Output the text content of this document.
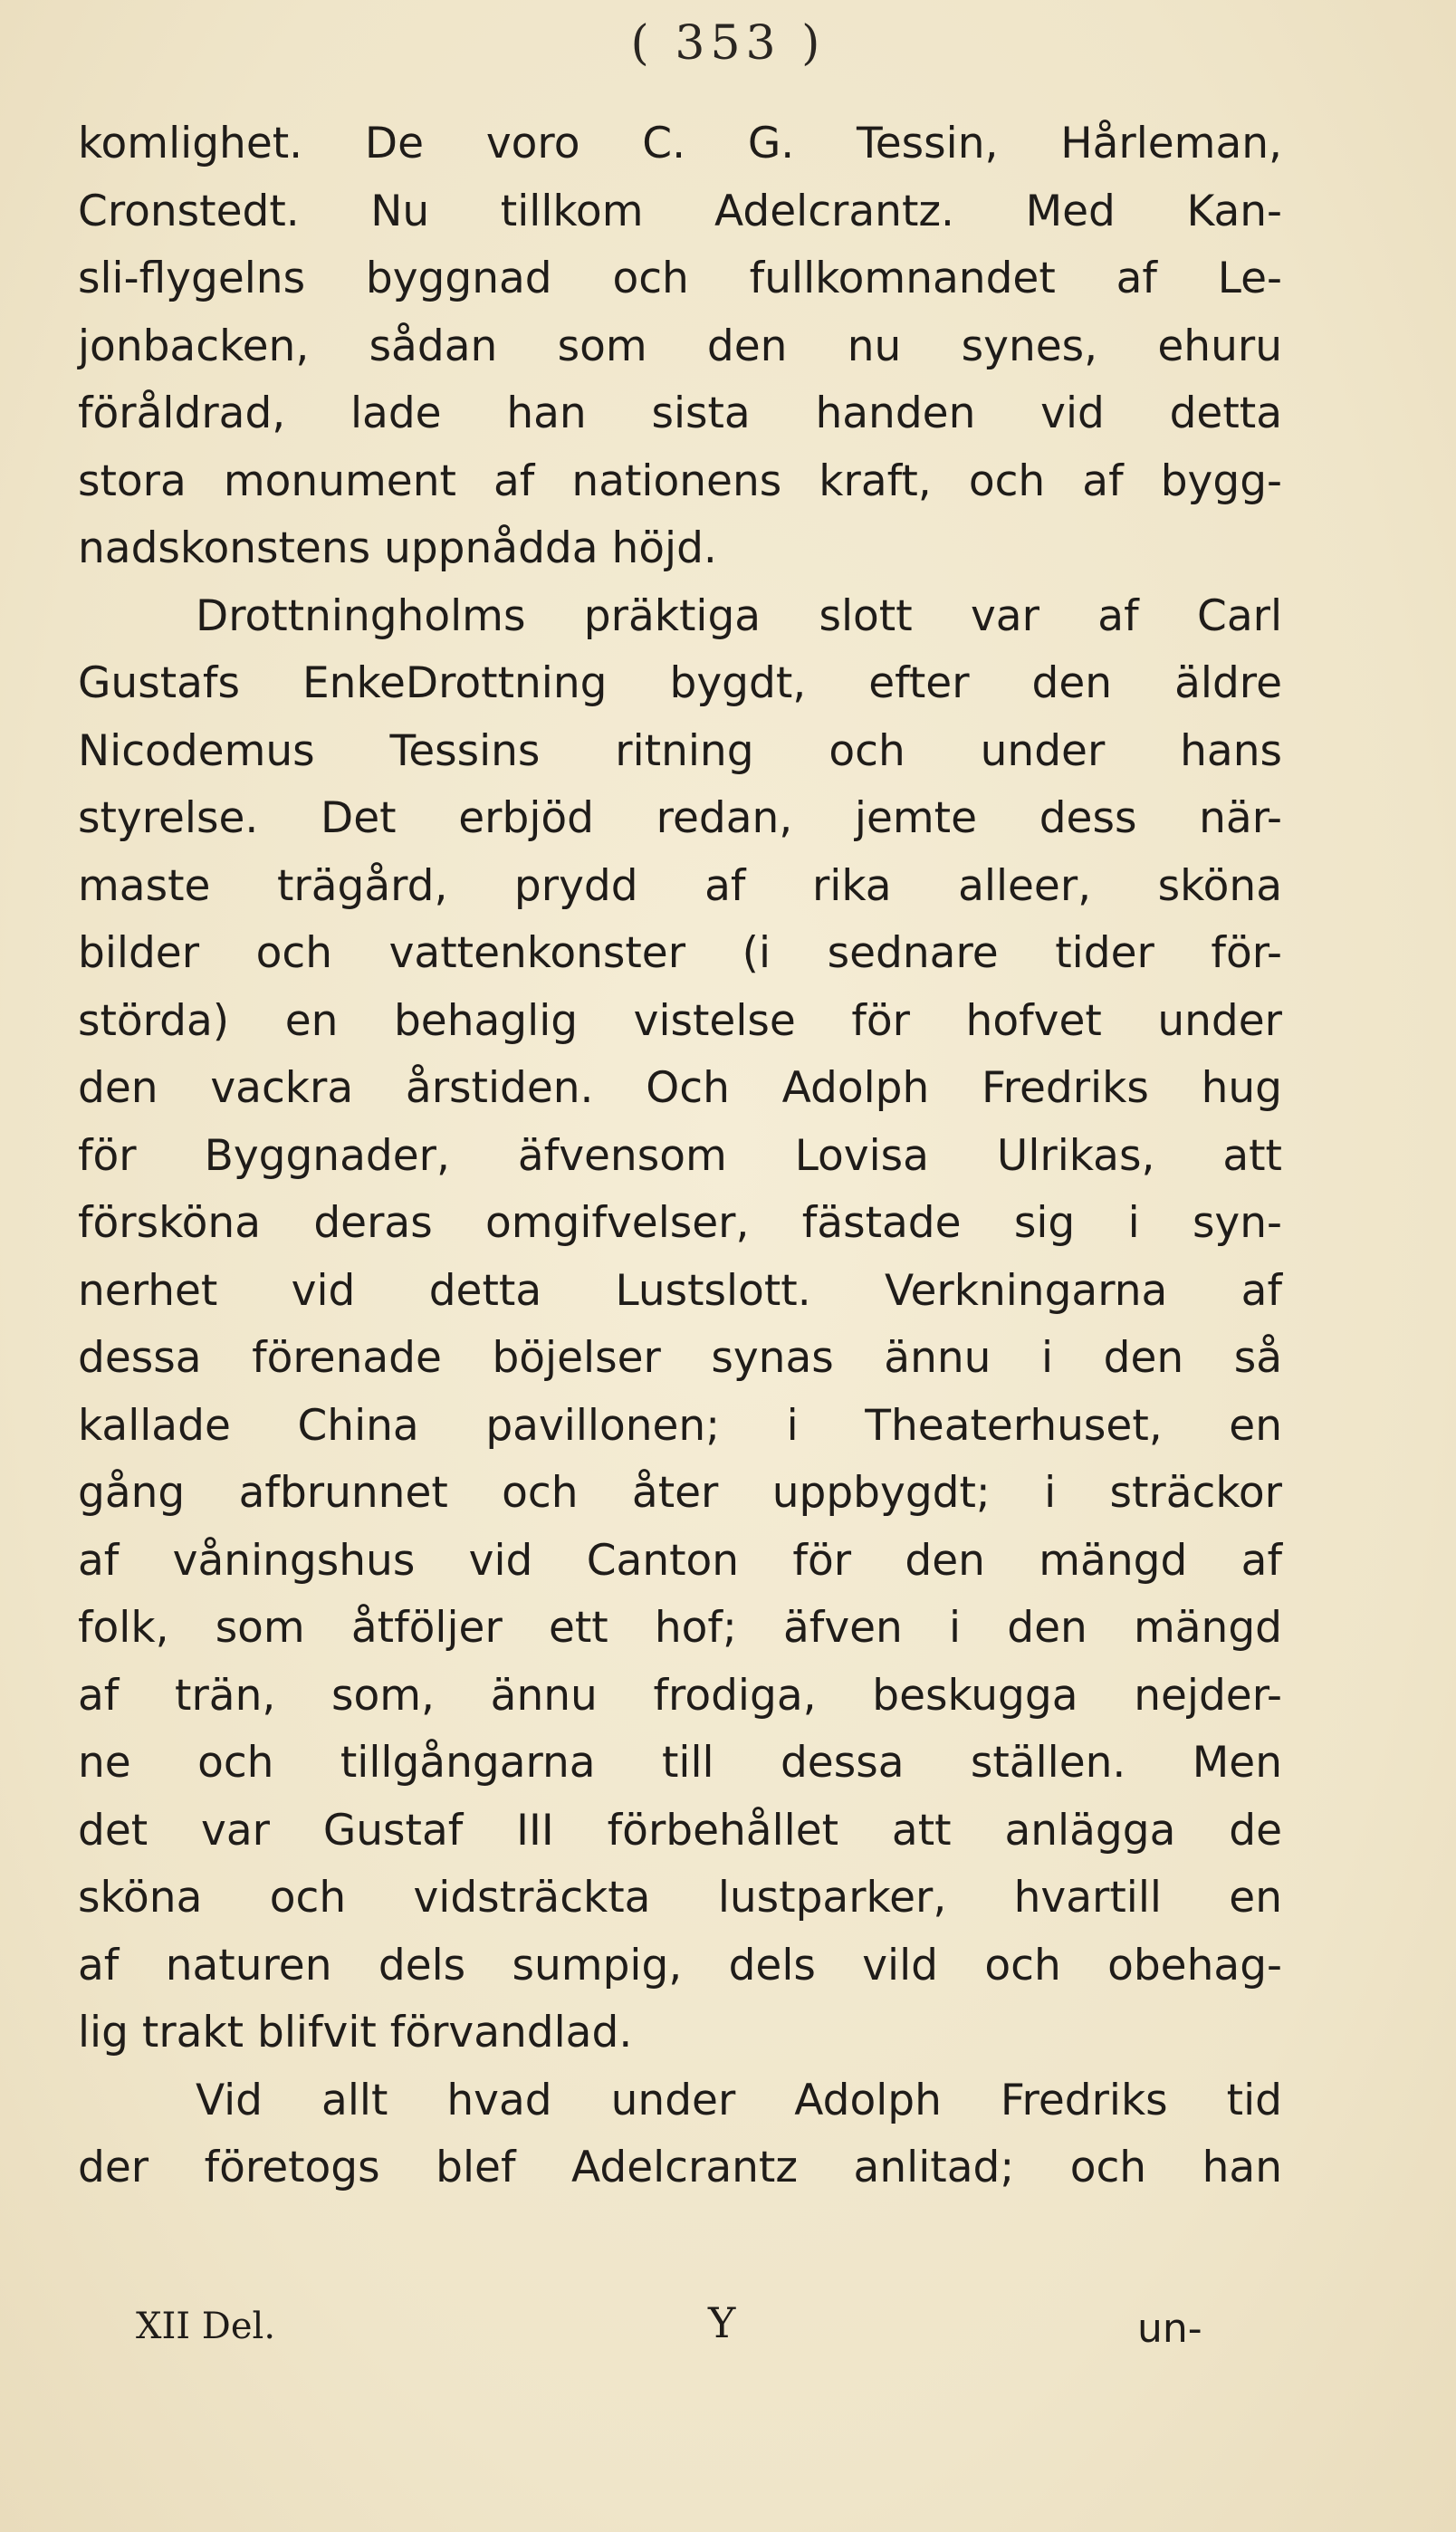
( 353 )
komlighet. De voro C. G. Tessin, Hårleman,
Cronstedt. Nu tillkom Adelcrantz. Med Kan-
sli-flygelns byggnad och fullkomnandet af Le-
jonbacken, sådan som den nu synes, ehuru
föråldrad, lade han sista handen vid detta
stora monument af nationens kraft, och af bygg-
nadskonstens uppnådda höjd.
Drottningholms präktiga slott var af Carl
Gustafs EnkeDrottning bygdt, efter den äldre
Nicodemus Tessins ritning och under hans
styrelse. Det erbjöd redan, jemte dess när-
maste trägård, prydd af rika alleer, sköna
bilder och vattenkonster (i sednare tider för-
störda) en behaglig vistelse för hofvet under
den vackra årstiden. Och Adolph Fredriks hug
för Byggnader, äfvensom Lovisa Ulrikas, att
försköna deras omgifvelser, fästade sig i syn-
nerhet vid detta Lustslott. Verkningarna af
dessa förenade böjelser synas ännu i den så
kallade China pavillonen; i Theaterhuset, en
gång afbrunnet och åter uppbygdt; i sträckor
af våningshus vid Canton för den mängd af
folk, som åtföljer ett hof; äfven i den mängd
af trän, som, ännu frodiga, beskugga nejder-
ne och tillgångarna till dessa ställen. Men
det var Gustaf III förbehållet att anlägga de
sköna och vidsträckta lustparker, hvartill en
af naturen dels sumpig, dels vild och obehag-
lig trakt blifvit förvandlad.
Vid allt hvad under Adolph Fredriks tid
der företogs blef Adelcrantz anlitad; och han
XII Del.	Y	un-
